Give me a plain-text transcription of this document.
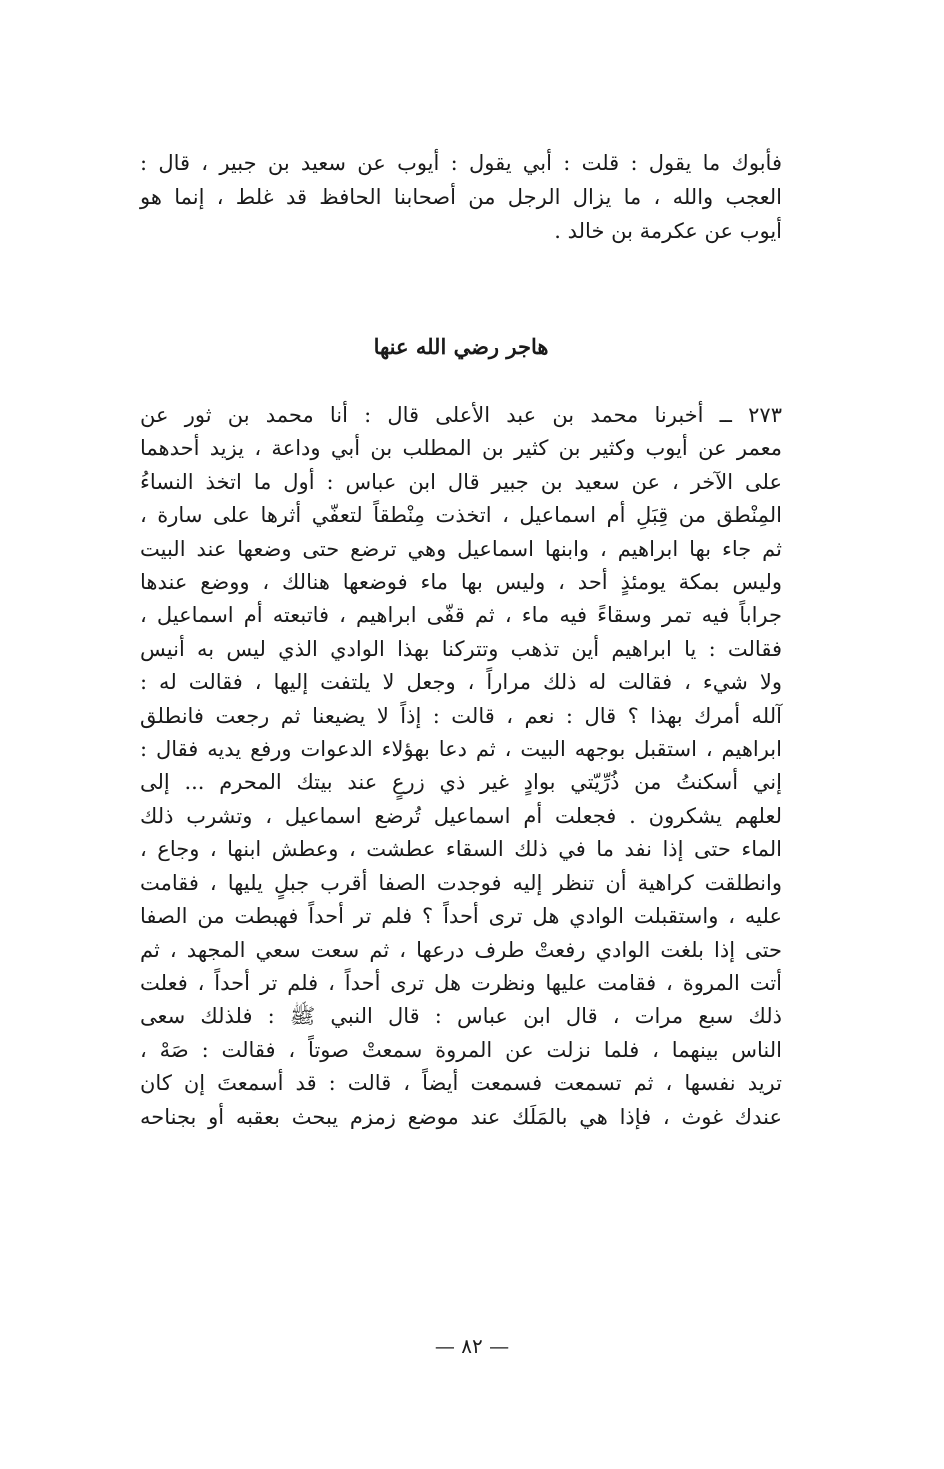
فأبوك ما يقول : قلت : أبي يقول : أيوب عن سعيد بن جبير ، قال :
العجب والله ، ما يزال الرجل من أصحابنا الحافظ قد غلط ، إنما هو
أيوب عن عكرمة بن خالد .
هاجر رضي الله عنها
٢٧٣ ــ أخبرنا محمد بن عبد الأعلى قال : أنا محمد بن ثور عن
معمر عن أيوب وكثير بن كثير بن المطلب بن أبي وداعة ، يزيد أحدهما
على الآخر ، عن سعيد بن جبير قال ابن عباس : أول ما اتخذ النساءُ
المِنْطق من قِبَلِ أم اسماعيل ، اتخذت مِنْطقاً لتعفّي أثرها على سارة ،
ثم جاء بها ابراهيم ، وابنها اسماعيل وهي ترضع حتى وضعها عند البيت
وليس بمكة يومئذٍ أحد ، وليس بها ماء فوضعها هنالك ، ووضع عندها
جراباً فيه تمر وسقاءً فيه ماء ، ثم قفّى ابراهيم ، فاتبعته أم اسماعيل ،
فقالت : يا ابراهيم أين تذهب وتتركنا بهذا الوادي الذي ليس به أنيس
ولا شيء ، فقالت له ذلك مراراً ، وجعل لا يلتفت إليها ، فقالت له :
آلله أمرك بهذا ؟ قال : نعم ، قالت : إذاً لا يضيعنا ثم رجعت فانطلق
ابراهيم ، استقبل بوجهه البيت ، ثم دعا بهؤلاء الدعوات ورفع يديه فقال :
إني أسكنتُ من ذُرِّيّتي بوادٍ غير ذي زرعٍ عند بيتك المحرم ... إلى
لعلهم يشكرون . فجعلت أم اسماعيل تُرضع اسماعيل ، وتشرب ذلك
الماء حتى إذا نفد ما في ذلك السقاء عطشت ، وعطش ابنها ، وجاع ،
وانطلقت كراهية أن تنظر إليه فوجدت الصفا أقرب جبلٍ يليها ، فقامت
عليه ، واستقبلت الوادي هل ترى أحداً ؟ فلم تر أحداً فهبطت من الصفا
حتى إذا بلغت الوادي رفعتْ طرف درعها ، ثم سعت سعي المجهد ، ثم
أتت المروة ، فقامت عليها ونظرت هل ترى أحداً ، فلم تر أحداً ، فعلت
ذلك سبع مرات ، قال ابن عباس : قال النبي ﷺ : فلذلك سعى
الناس بينهما ، فلما نزلت عن المروة سمعتْ صوتاً ، فقالت : صَهْ ،
تريد نفسها ، ثم تسمعت فسمعت أيضاً ، قالت : قد أسمعتَ إن كان
عندك غوث ، فإذا هي بالمَلَك عند موضع زمزم يبحث بعقبه أو بجناحه
— ٨٢ —
